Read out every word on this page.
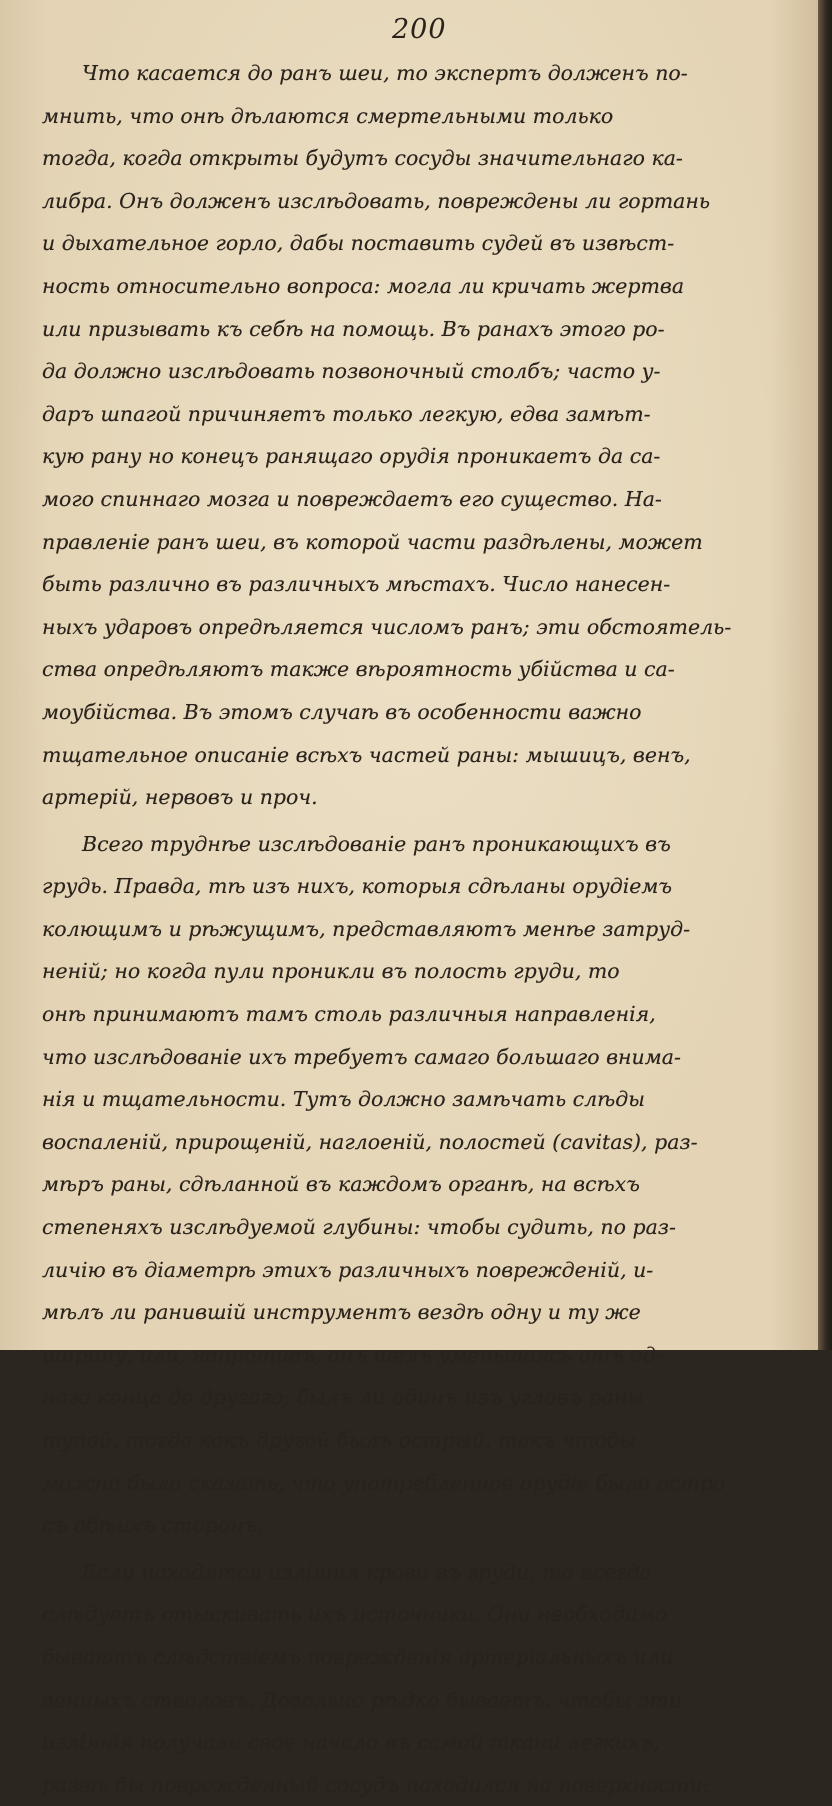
200
Что касается до ранъ шеи, то экспертъ долженъ по-
мнить, что онѣ дѣлаются смертельными только
тогда, когда открыты будутъ сосуды значительнаго ка-
либра. Онъ долженъ изслѣдовать, повреждены ли гортань
и дыхательное горло, дабы поставить судей въ извѣст-
ность относительно вопроса: могла ли кричать жертва
или призывать къ себѣ на помощь. Въ ранахъ этого ро-
да должно изслѣдовать позвоночный столбъ; часто у-
даръ шпагой причиняетъ только легкую, едва замѣт-
кую рану но конецъ ранящаго орудія проникаетъ да са-
мого спиннаго мозга и повреждаетъ его существо. На-
правленіе ранъ шеи, въ которой части раздѣлены, может
быть различно въ различныхъ мѣстахъ. Число нанесен-
ныхъ ударовъ опредѣляется числомъ ранъ; эти обстоятель-
ства опредѣляютъ также вѣроятность убійства и са-
моубійства. Въ этомъ случаѣ въ особенности важно
тщательное описаніе всѣхъ частей раны: мышицъ, венъ,
артерій, нервовъ и проч.
Всего труднѣе изслѣдованіе ранъ проникающихъ въ
грудь. Правда, тѣ изъ нихъ, которыя сдѣланы орудіемъ
колющимъ и рѣжущимъ, представляютъ менѣе затруд-
неній; но когда пули проникли въ полость груди, то
онѣ принимаютъ тамъ столь различныя направленія,
что изслѣдованіе ихъ требуетъ самаго большаго внима-
нія и тщательности. Тутъ должно замѣчать слѣды
воспаленій, прирощеній, наглоеній, полостей (cavitas), раз-
мѣръ раны, сдѣланной въ каждомъ органѣ, на всѣхъ
степеняхъ изслѣдуемой глубины: чтобы судить, по раз-
личію въ діаметрѣ этихъ различныхъ поврежденій, и-
мѣлъ ли ранившій инструментъ вездѣ одну и ту же
ширину, или, напротивъ, онъ шелъ уменьшаясь отъ од-
ного конца до другаго; былъ ли одинъ изъ угловъ раны
тупой, тогда какъ другой былъ острый, такъ чтобы
можно было сказать, что употребленное орудіе было остро
съ обѣихъ сторонъ.
Если находятся изліянія крови въ груди, то всегда
слѣдуетъ отыскивать ихъ источники. Они необходимо
бываютъ слѣдствіемъ поврежденія артеріальныхъ или
венныхъ стволовъ. Довольно рѣдко бываетъ, чтобы эти
изліянія получали свое начало въ самой ткани легкихъ,
развѣ бы поврежденный сосудъ находился на поверхности;
